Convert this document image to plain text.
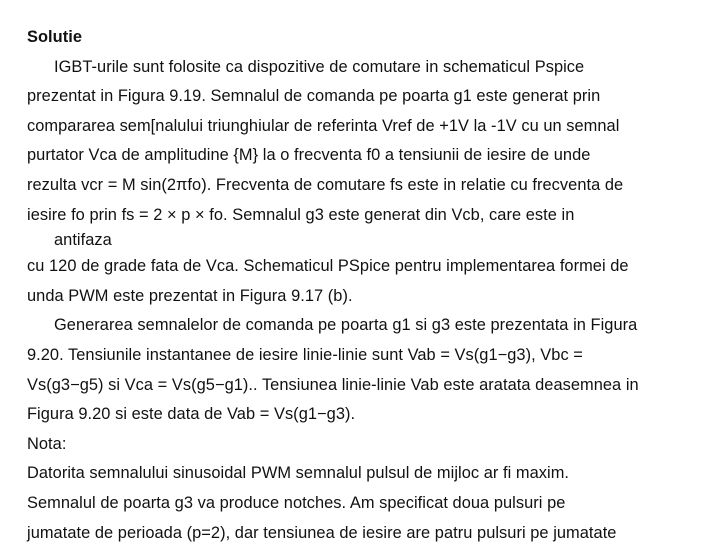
Solutie
IGBT-urile sunt folosite ca dispozitive de comutare in schematicul Pspice
prezentat in Figura 9.19. Semnalul de comanda pe poarta g1 este generat prin
compararea sem[nalului triunghiular de referinta Vref de +1V la -1V cu un semnal
purtator Vca de amplitudine {M} la o frecventa f0 a tensiunii de iesire de unde
rezulta vcr = M sin(2πfo). Frecventa de comutare fs este in relatie cu frecventa de
iesire fo prin fs = 2 × p × fo. Semnalul g3 este generat din Vcb, care este in
antifaza
cu 120 de grade fata de Vca. Schematicul PSpice pentru implementarea formei de
unda PWM este prezentat in Figura 9.17 (b).
Generarea semnalelor de comanda pe poarta g1 si g3 este prezentata in Figura
9.20. Tensiunile instantanee de iesire linie-linie sunt Vab = Vs(g1−g3), Vbc =
Vs(g3−g5) si Vca = Vs(g5−g1).. Tensiunea linie-linie Vab este aratata deasemnea in
Figura 9.20 si este data de Vab = Vs(g1−g3).
Nota:
Datorita semnalului sinusoidal PWM semnalul pulsul de mijloc ar fi maxim.
Semnalul de poarta g3 va produce notches. Am specificat doua pulsuri pe
jumatate de perioada (p=2), dar tensiunea de iesire are patru pulsuri pe jumatate
